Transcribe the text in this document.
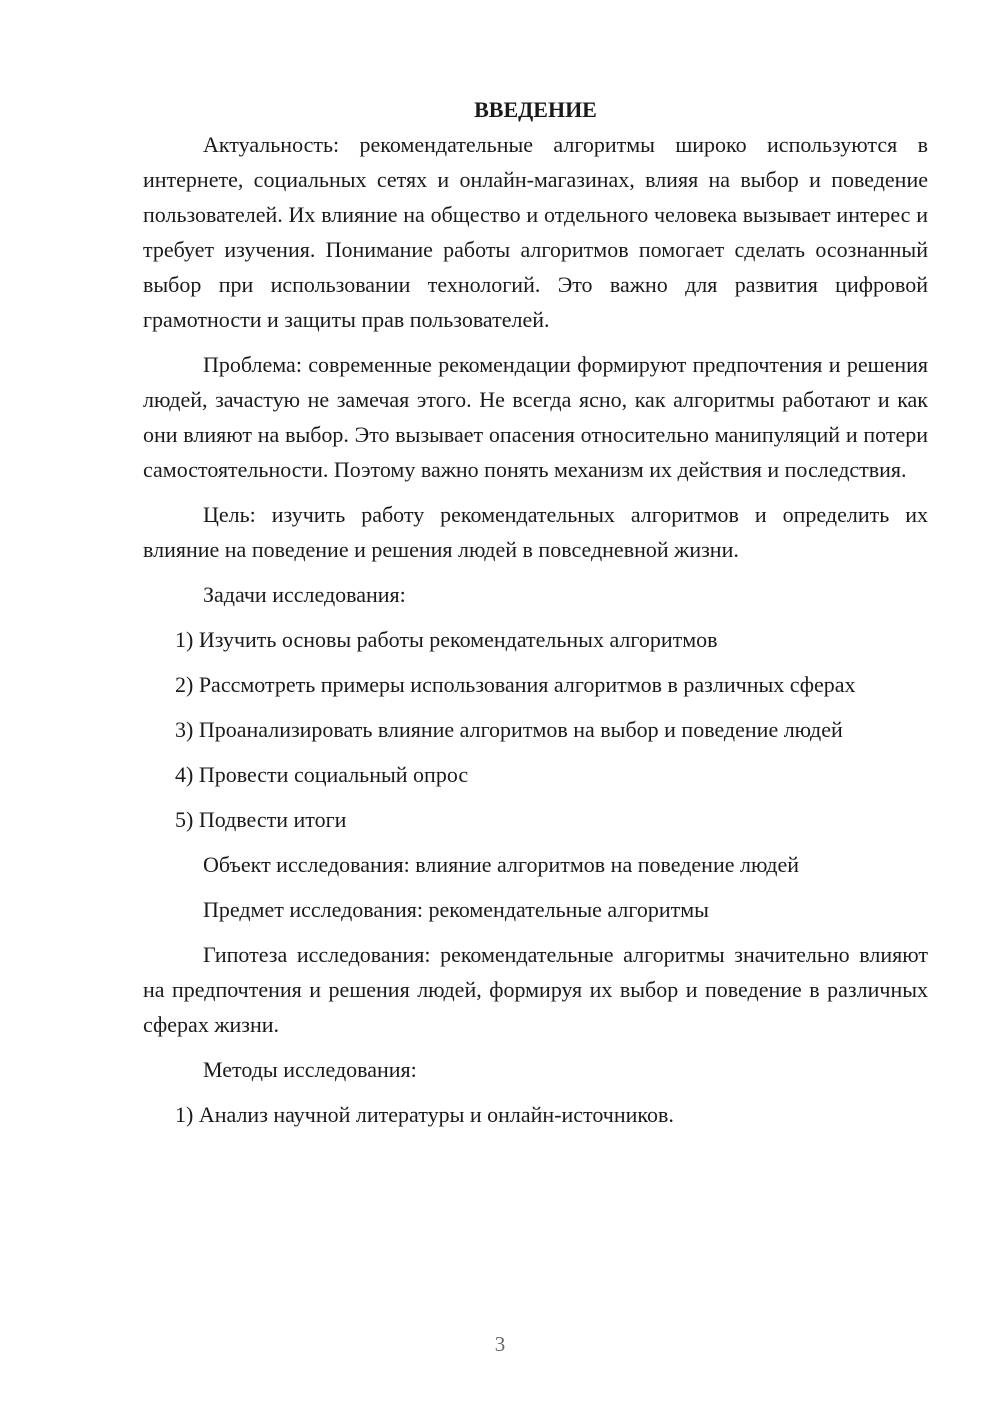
ВВЕДЕНИЕ

Актуальность: рекомендательные алгоритмы широко используются в интернете, социальных сетях и онлайн-магазинах, влияя на выбор и поведение пользователей. Их влияние на общество и отдельного человека вызывает интерес и требует изучения. Понимание работы алгоритмов помогает сделать осознанный выбор при использовании технологий. Это важно для развития цифровой грамотности и защиты прав пользователей.

Проблема: современные рекомендации формируют предпочтения и решения людей, зачастую не замечая этого. Не всегда ясно, как алгоритмы работают и как они влияют на выбор. Это вызывает опасения относительно манипуляций и потери самостоятельности. Поэтому важно понять механизм их действия и последствия.

Цель: изучить работу рекомендательных алгоритмов и определить их влияние на поведение и решения людей в повседневной жизни.

Задачи исследования:

1) Изучить основы работы рекомендательных алгоритмов

2) Рассмотреть примеры использования алгоритмов в различных сферах

3) Проанализировать влияние алгоритмов на выбор и поведение людей

4) Провести социальный опрос

5) Подвести итоги

Объект исследования: влияние алгоритмов на поведение людей

Предмет исследования: рекомендательные алгоритмы

Гипотеза исследования: рекомендательные алгоритмы значительно влияют на предпочтения и решения людей, формируя их выбор и поведение в различных сферах жизни.

Методы исследования:

1) Анализ научной литературы и онлайн-источников.

3
